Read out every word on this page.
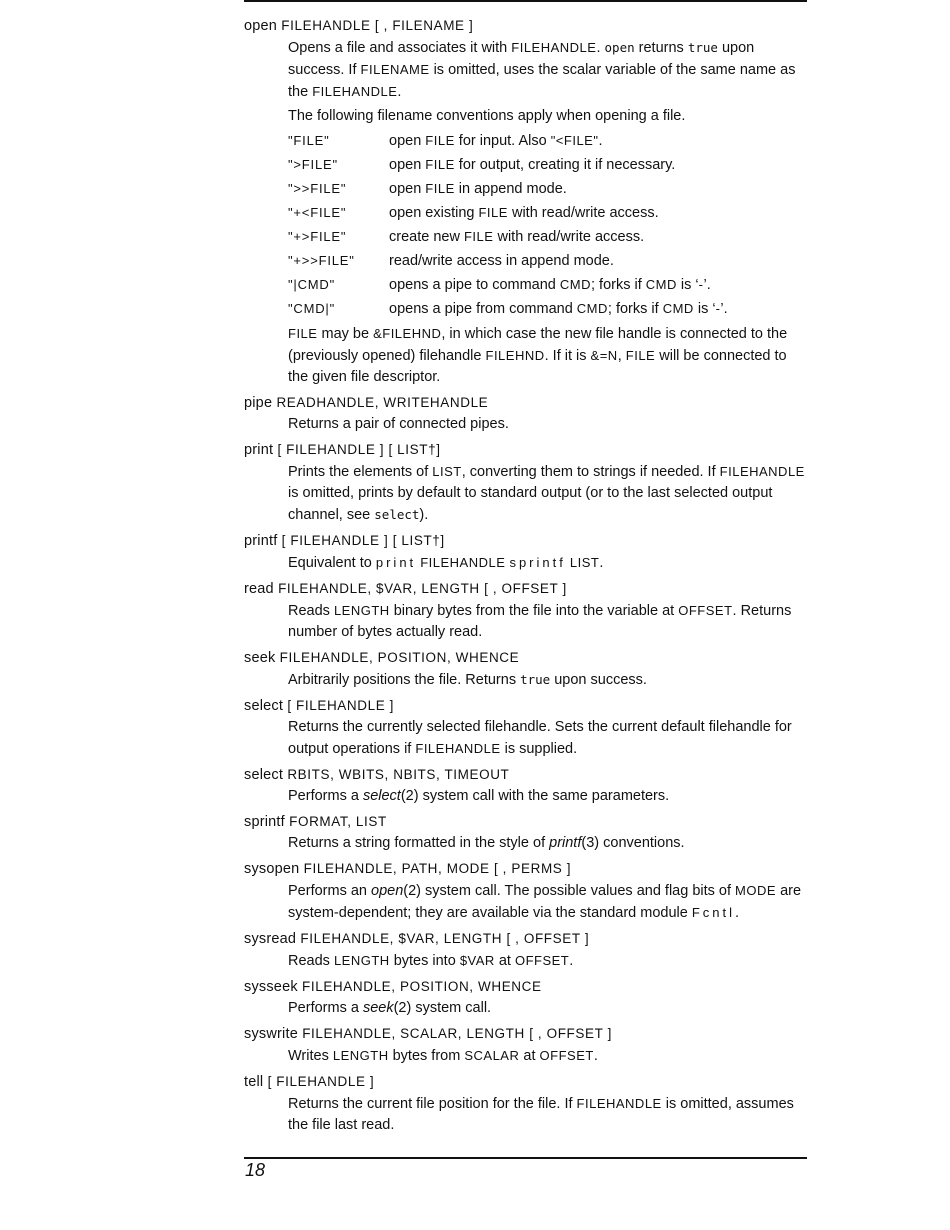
open FILEHANDLE [ , FILENAME ]

Opens a file and associates it with FILEHANDLE. open returns true upon success. If FILENAME is omitted, uses the scalar variable of the same name as the FILEHANDLE.

The following filename conventions apply when opening a file.

"FILE"	open FILE for input. Also "<FILE".
">FILE"	open FILE for output, creating it if necessary.
">>FILE"	open FILE in append mode.
"+<FILE"	open existing FILE with read/write access.
"+>FILE"	create new FILE with read/write access.
"+>>FILE"	read/write access in append mode.
"|CMD"	opens a pipe to command CMD; forks if CMD is ‘-’.
"CMD|"	opens a pipe from command CMD; forks if CMD is ‘-’.

FILE may be &FILEHND, in which case the new file handle is connected to the (previously opened) filehandle FILEHND. If it is &=N, FILE will be connected to the given file descriptor.

pipe READHANDLE, WRITEHANDLE

Returns a pair of connected pipes.

print [ FILEHANDLE ] [ LIST†]

Prints the elements of LIST, converting them to strings if needed. If FILEHANDLE is omitted, prints by default to standard output (or to the last selected output channel, see select).

printf [ FILEHANDLE ] [ LIST†]

Equivalent to print FILEHANDLE sprintf LIST.

read FILEHANDLE, $VAR, LENGTH [ , OFFSET ]

Reads LENGTH binary bytes from the file into the variable at OFFSET. Returns number of bytes actually read.

seek FILEHANDLE, POSITION, WHENCE

Arbitrarily positions the file. Returns true upon success.

select [ FILEHANDLE ]

Returns the currently selected filehandle. Sets the current default filehandle for output operations if FILEHANDLE is supplied.

select RBITS, WBITS, NBITS, TIMEOUT

Performs a select(2) system call with the same parameters.

sprintf FORMAT, LIST

Returns a string formatted in the style of printf(3) conventions.

sysopen FILEHANDLE, PATH, MODE [ , PERMS ]

Performs an open(2) system call. The possible values and flag bits of MODE are system-dependent; they are available via the standard module Fcntl.

sysread FILEHANDLE, $VAR, LENGTH [ , OFFSET ]

Reads LENGTH bytes into $VAR at OFFSET.

sysseek FILEHANDLE, POSITION, WHENCE

Performs a seek(2) system call.

syswrite FILEHANDLE, SCALAR, LENGTH [ , OFFSET ]

Writes LENGTH bytes from SCALAR at OFFSET.

tell [ FILEHANDLE ]

Returns the current file position for the file. If FILEHANDLE is omitted, assumes the file last read.

18
